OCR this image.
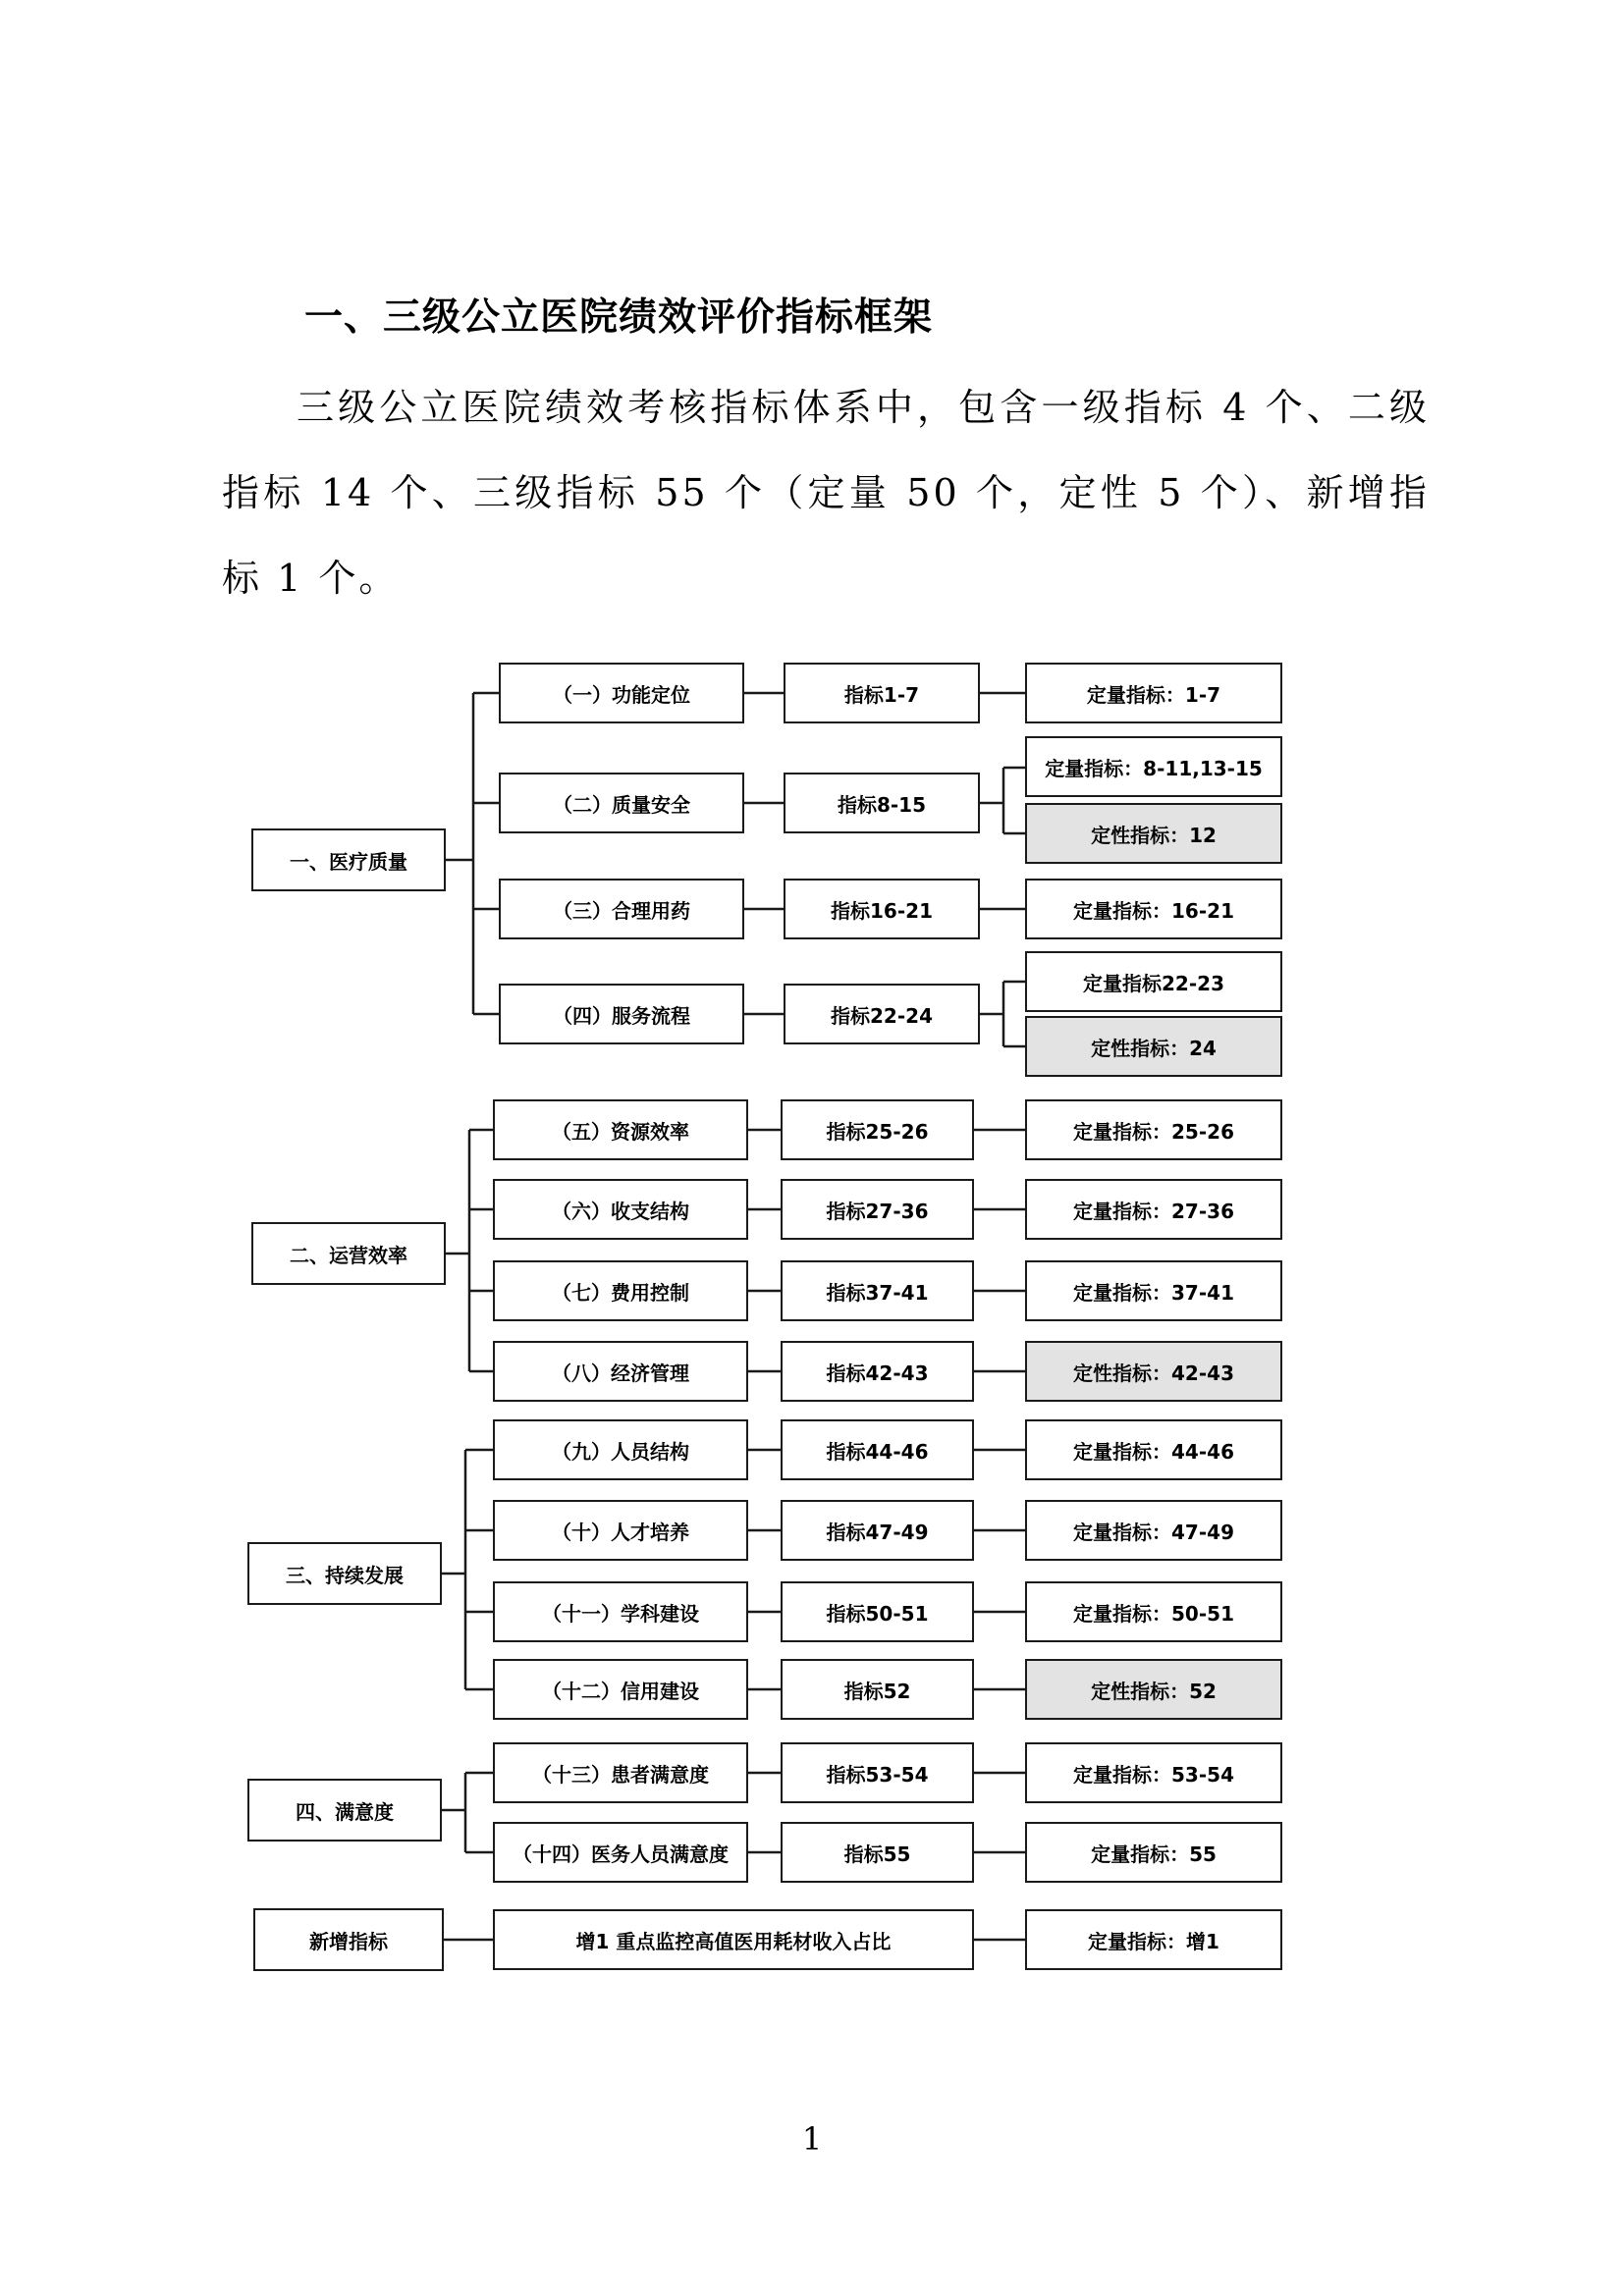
一、三级公立医院绩效评价指标框架

三级公立医院绩效考核指标体系中，包含一级指标 4 个、二级指标 14 个、三级指标 55 个（定量 50 个，定性 5 个）、新增指标 1 个。

一、医疗质量
二、运营效率
三、持续发展
四、满意度
新增指标
（一）功能定位
（二）质量安全
（三）合理用药
（四）服务流程
（五）资源效率
（六）收支结构
（七）费用控制
（八）经济管理
（九）人员结构
（十）人才培养
（十一）学科建设
（十二）信用建设
（十三）患者满意度
（十四）医务人员满意度
增1 重点监控高值医用耗材收入占比
指标1-7
指标8-15
指标16-21
指标22-24
指标25-26
指标27-36
指标37-41
指标42-43
指标44-46
指标47-49
指标50-51
指标52
指标53-54
指标55
定量指标：1-7
定量指标：8-11,13-15
定性指标：12
定量指标：16-21
定量指标22-23
定性指标：24
定量指标：25-26
定量指标：27-36
定量指标：37-41
定性指标：42-43
定量指标：44-46
定量指标：47-49
定量指标：50-51
定性指标：52
定量指标：53-54
定量指标：55
定量指标：增1
1
